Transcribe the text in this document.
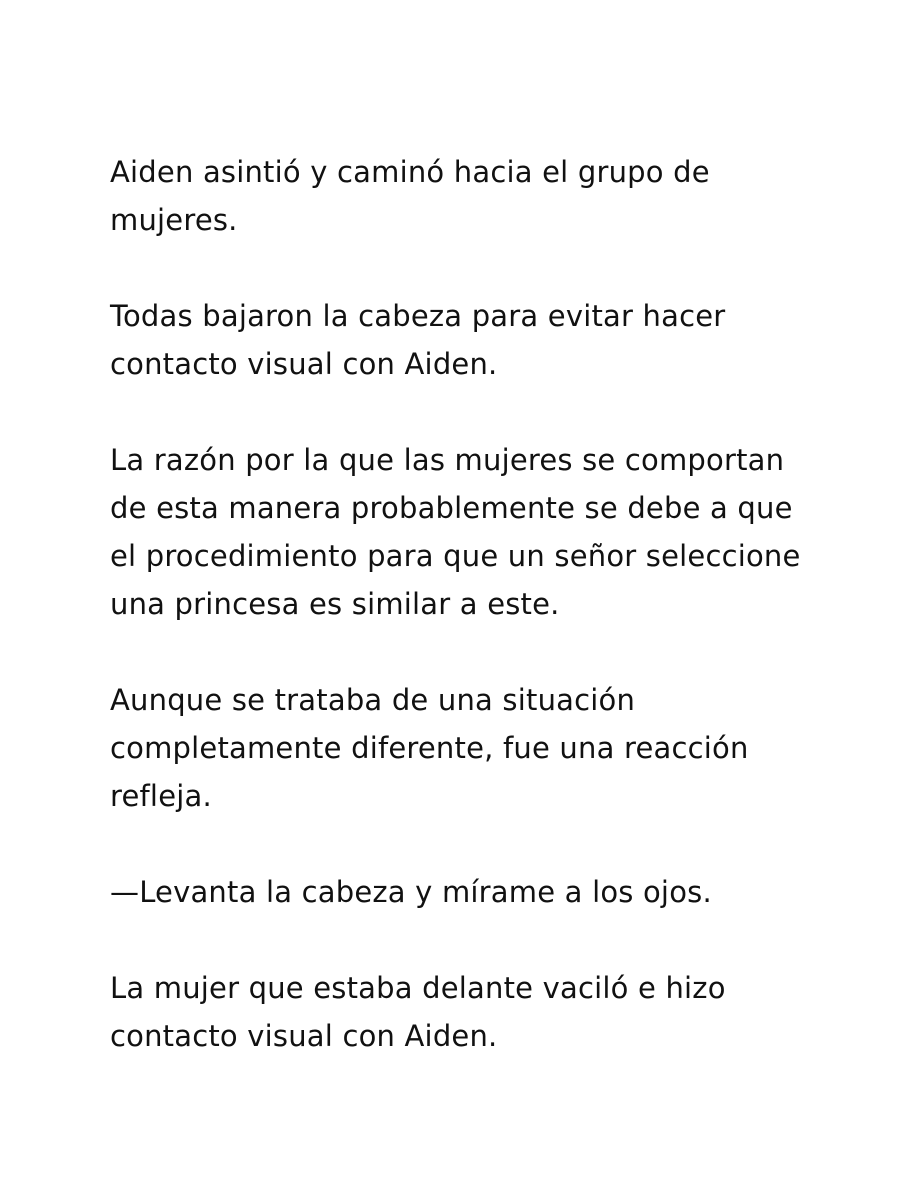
Aiden asintió y caminó hacia el grupo de
mujeres.

Todas bajaron la cabeza para evitar hacer
contacto visual con Aiden.

La razón por la que las mujeres se comportan
de esta manera probablemente se debe a que
el procedimiento para que un señor seleccione
una princesa es similar a este.

Aunque se trataba de una situación
completamente diferente, fue una reacción
refleja.

—Levanta la cabeza y mírame a los ojos.

La mujer que estaba delante vaciló e hizo
contacto visual con Aiden.
